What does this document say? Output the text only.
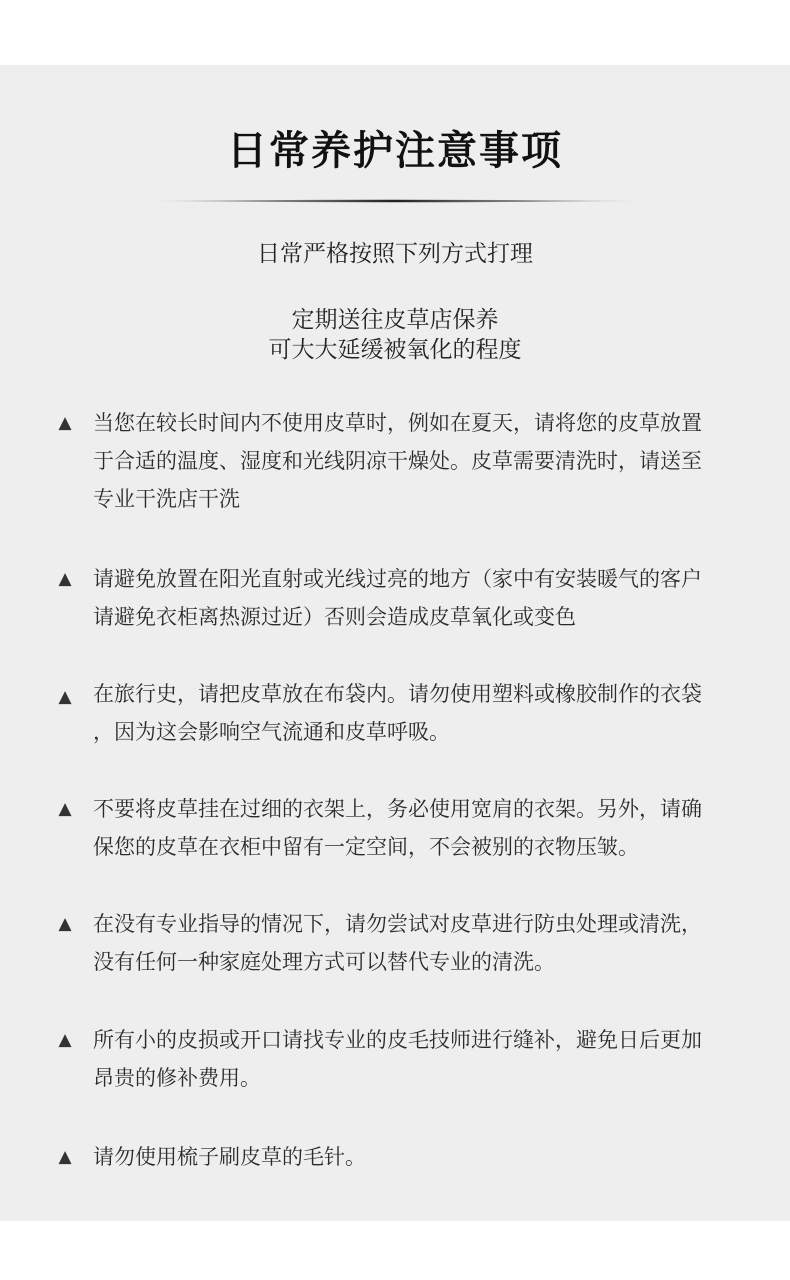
日常养护注意事项

日常严格按照下列方式打理

定期送往皮草店保养

可大大延缓被氧化的程度

▲ 当您在较长时间内不使用皮草时，例如在夏天，请将您的皮草放置
于合适的温度、湿度和光线阴凉干燥处。皮草需要清洗时，请送至
专业干洗店干洗

▲ 请避免放置在阳光直射或光线过亮的地方（家中有安装暖气的客户
请避免衣柜离热源过近）否则会造成皮草氧化或变色

▲ 在旅行史，请把皮草放在布袋内。请勿使用塑料或橡胶制作的衣袋
，因为这会影响空气流通和皮草呼吸。

▲ 不要将皮草挂在过细的衣架上，务必使用宽肩的衣架。另外，请确
保您的皮草在衣柜中留有一定空间，不会被别的衣物压皱。

▲ 在没有专业指导的情况下，请勿尝试对皮草进行防虫处理或清洗，
没有任何一种家庭处理方式可以替代专业的清洗。

▲ 所有小的皮损或开口请找专业的皮毛技师进行缝补，避免日后更加
昂贵的修补费用。

▲ 请勿使用梳子刷皮草的毛针。
